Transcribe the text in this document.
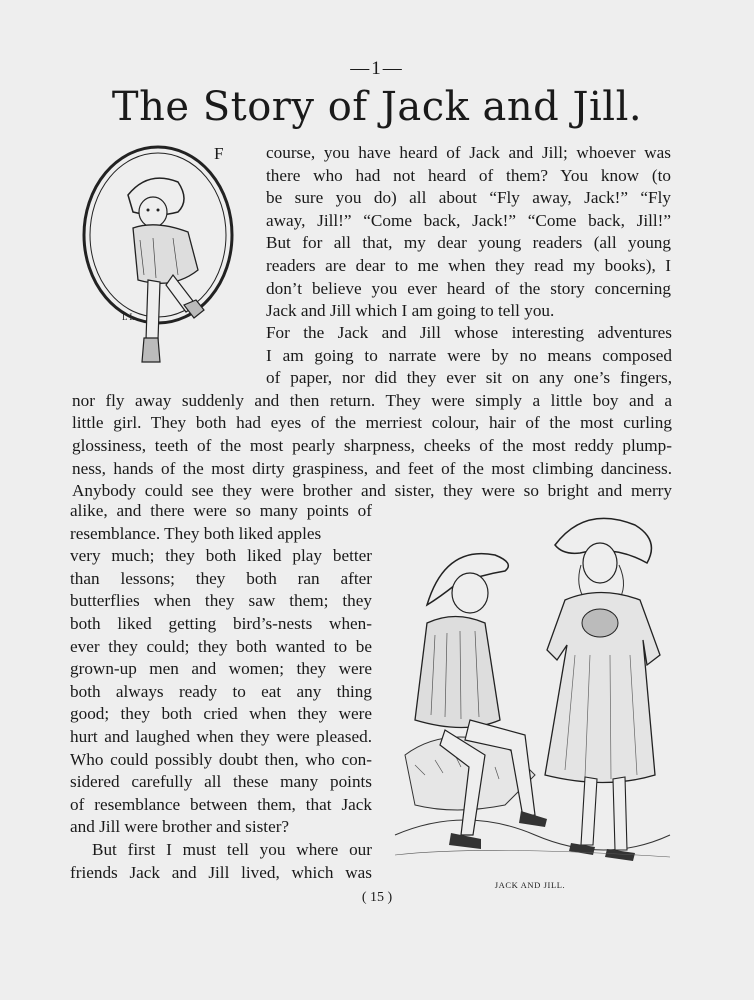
—1—
The Story of Jack and Jill.
L L
F course, you have heard of Jack and Jill; whoever was
there who had not heard of them? You know (to
be sure you do) all about “Fly away, Jack!” “Fly
away, Jill!” “Come back, Jack!” “Come back, Jill!”
But for all that, my dear young readers (all young
readers are dear to me when they read my books), I
don’t believe you ever heard of the story concerning
Jack and Jill which I am going to tell you.
For the Jack and Jill whose interesting adventures
I am going to narrate were by no means composed
of paper, nor did they ever sit on any one’s fingers,
nor fly away suddenly and then return. They were simply a little boy and a
little girl. They both had eyes of the merriest colour, hair of the most curling
glossiness, teeth of the most pearly sharpness, cheeks of the most reddy plump-
ness, hands of the most dirty graspiness, and feet of the most climbing danciness.
Anybody could see they were brother and sister, they were so bright and merry
alike, and there were so many points of
resemblance. They both liked apples
very much; they both liked play better
than lessons; they both ran after
butterflies when they saw them; they
both liked getting bird’s-nests when-
ever they could; they both wanted to be
grown-up men and women; they were
both always ready to eat any thing
good; they both cried when they were
hurt and laughed when they were pleased.
Who could possibly doubt then, who con-
sidered carefully all these many points
of resemblance between them, that Jack
and Jill were brother and sister?
But first I must tell you where our
friends Jack and Jill lived, which was
JACK AND JILL.
( 15 )
